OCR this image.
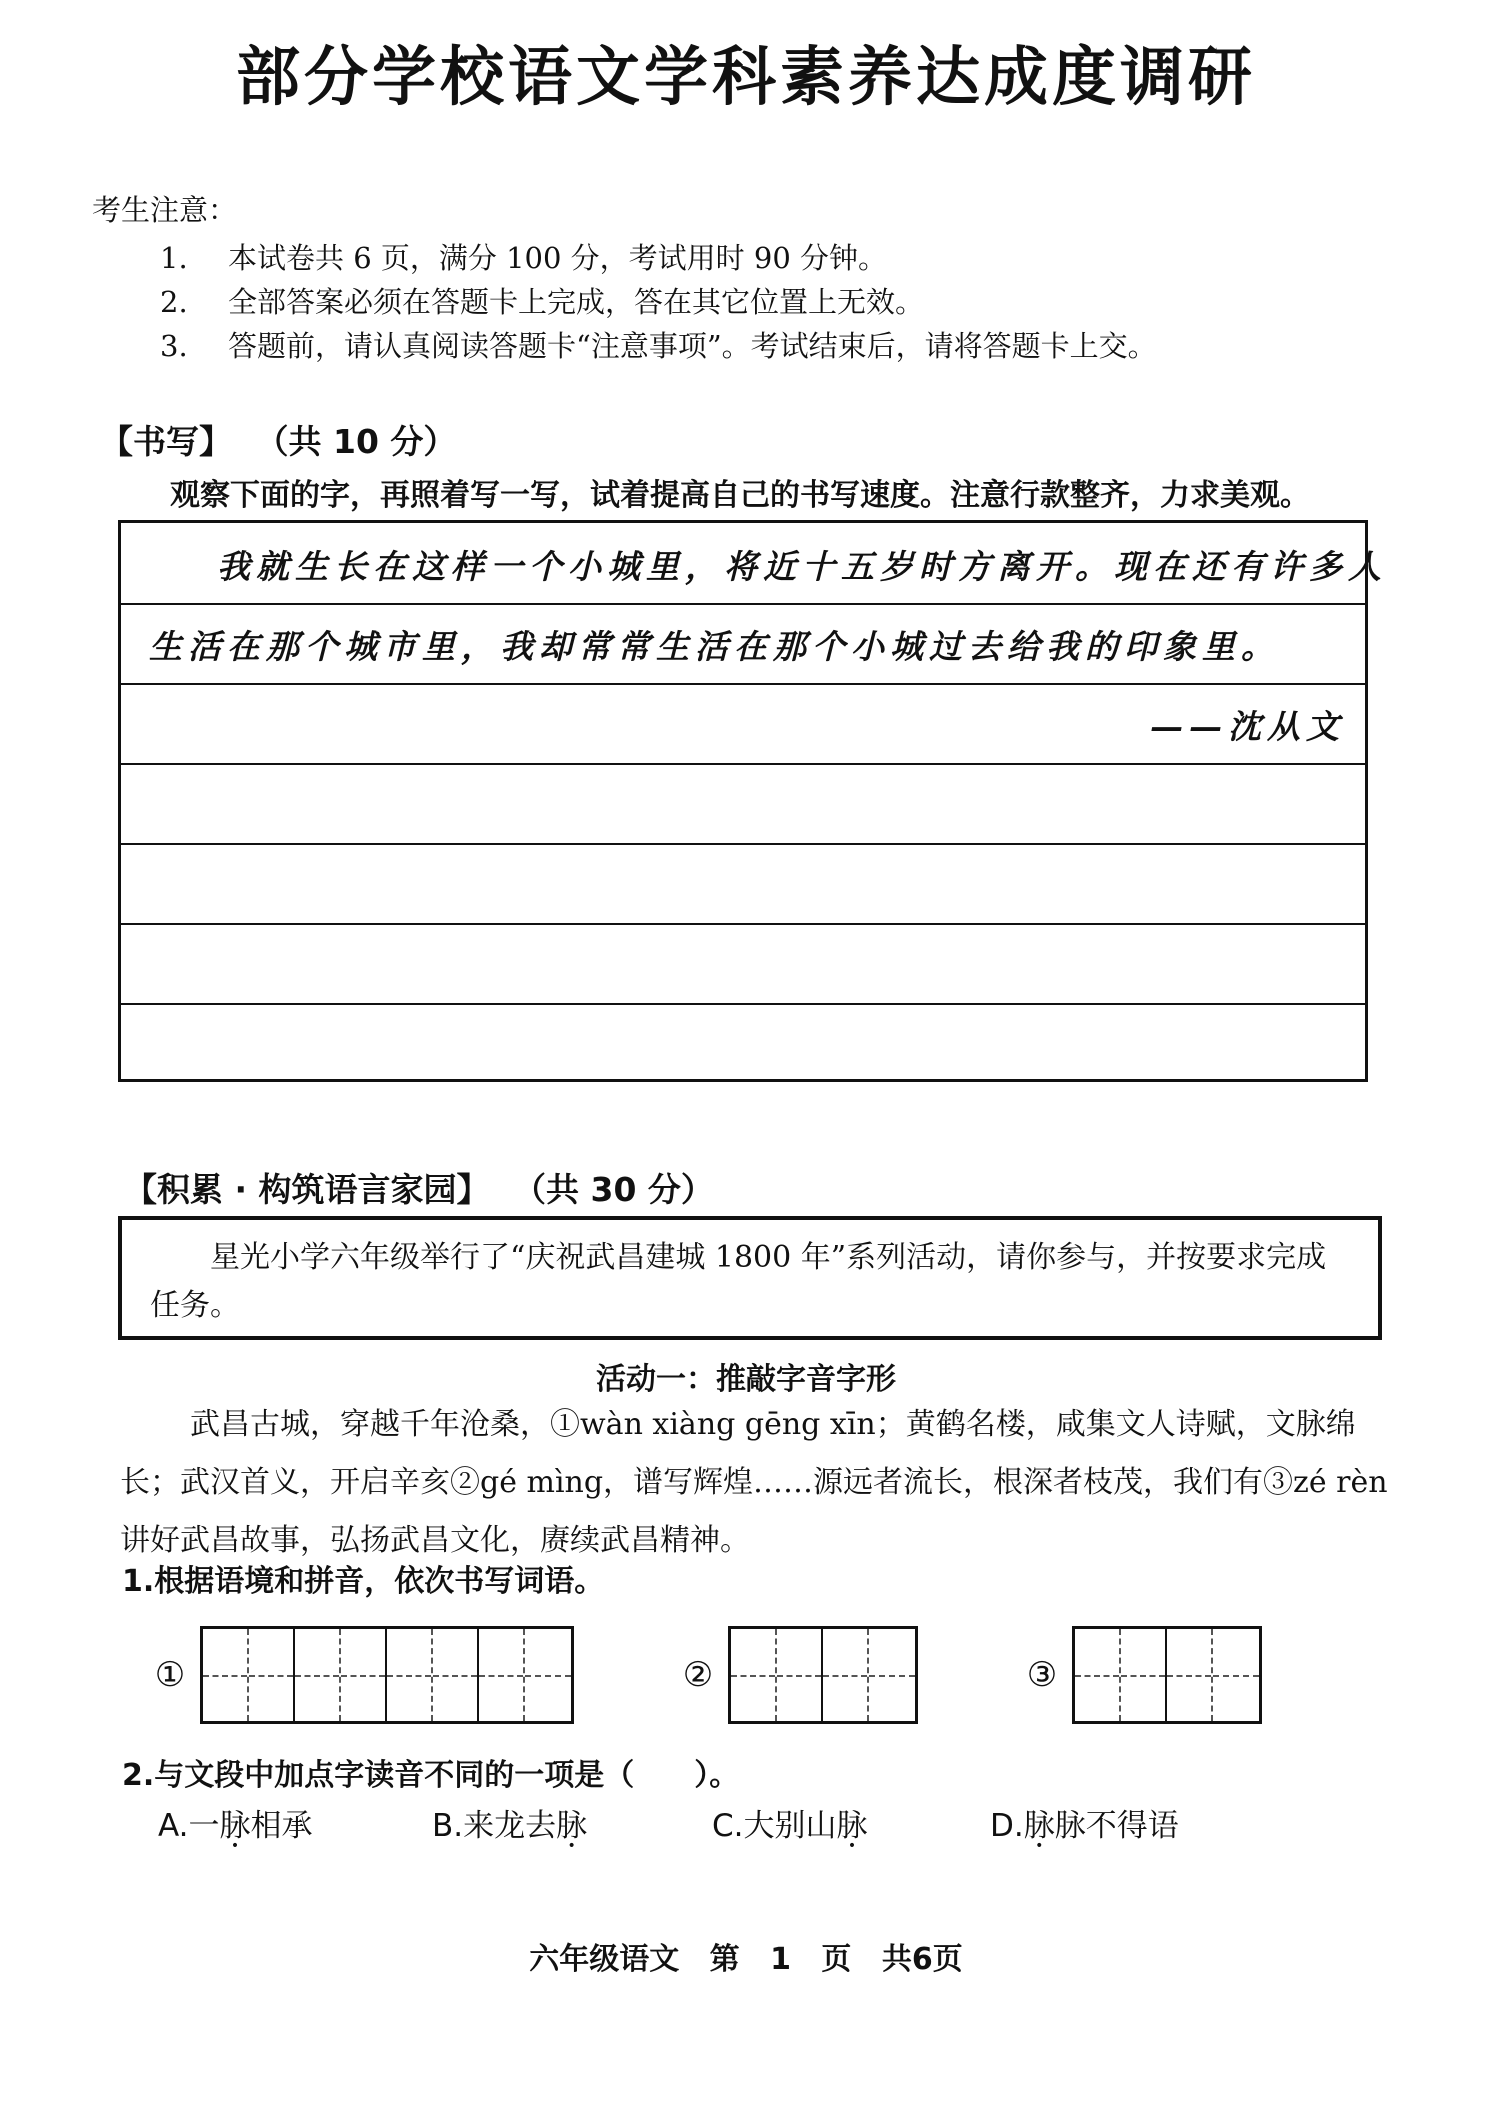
部分学校语文学科素养达成度调研
考生注意：
1. 本试卷共 6 页，满分 100 分，考试用时 90 分钟。
2. 全部答案必须在答题卡上完成，答在其它位置上无效。
3. 答题前，请认真阅读答题卡“注意事项”。考试结束后，请将答题卡上交。
【书写】 （共 10 分）
观察下面的字，再照着写一写，试着提高自己的书写速度。注意行款整齐，力求美观。
我就生长在这样一个小城里，将近十五岁时方离开。现在还有许多人
生活在那个城市里，我却常常生活在那个小城过去给我的印象里。
——沈从文
【积累 · 构筑语言家园】 （共 30 分）
星光小学六年级举行了“庆祝武昌建城 1800 年”系列活动，请你参与，并按要求完成任务。
活动一：推敲字音字形
武昌古城，穿越千年沧桑，①wàn xiàng gēng xīn；黄鹤名楼，咸集文人诗赋，文脉绵长；武汉首义，开启辛亥②gé mìng，谱写辉煌……源远者流长，根深者枝茂，我们有③zé rèn讲好武昌故事，弘扬武昌文化，赓续武昌精神。
1.根据语境和拼音，依次书写词语。
①	②	③
2.与文段中加点字读音不同的一项是（　　）。
A.一脉相承	B.来龙去脉	C.大别山脉	D.脉脉不得语
六年级语文 第 1 页 共6页
